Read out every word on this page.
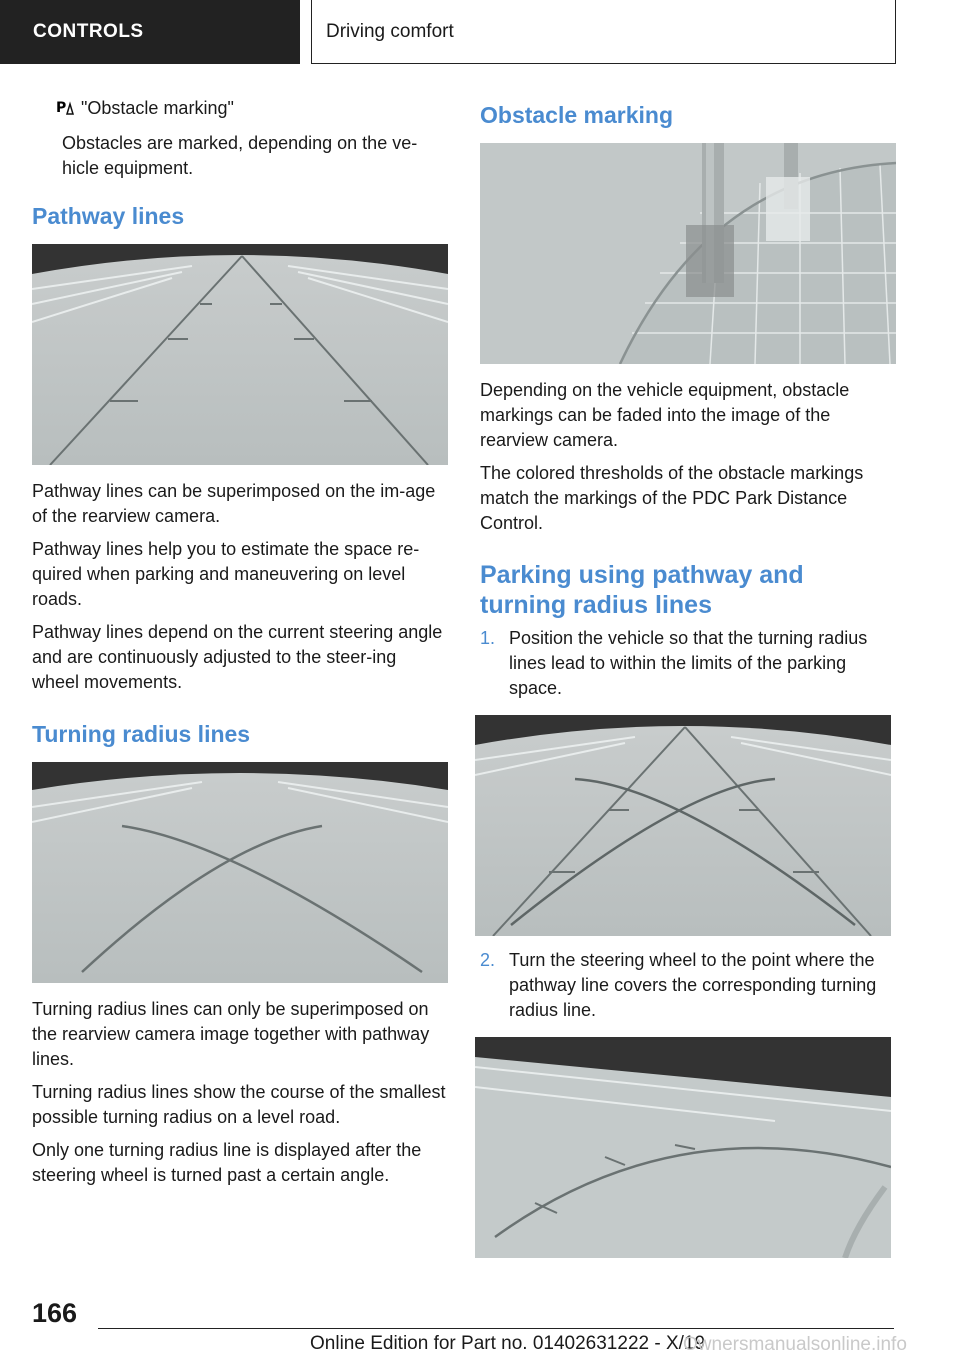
CONTROLS	Driving comfort

P "Obstacle marking"

Obstacles are marked, depending on the ve-hicle equipment.

Pathway lines

Pathway lines can be superimposed on the im-age of the rearview camera.

Pathway lines help you to estimate the space re-quired when parking and maneuvering on level roads.

Pathway lines depend on the current steering angle and are continuously adjusted to the steer-ing wheel movements.

Turning radius lines

Turning radius lines can only be superimposed on the rearview camera image together with pathway lines.

Turning radius lines show the course of the smallest possible turning radius on a level road.

Only one turning radius line is displayed after the steering wheel is turned past a certain angle.

Obstacle marking

Depending on the vehicle equipment, obstacle markings can be faded into the image of the rearview camera.

The colored thresholds of the obstacle markings match the markings of the PDC Park Distance Control.

Parking using pathway and turning radius lines
1. Position the vehicle so that the turning radius lines lead to within the limits of the parking space.
2. Turn the steering wheel to the point where the pathway line covers the corresponding turning radius line.
166
Online Edition for Part no. 01402631222 - X/19
Ownersmanualsonline.info
